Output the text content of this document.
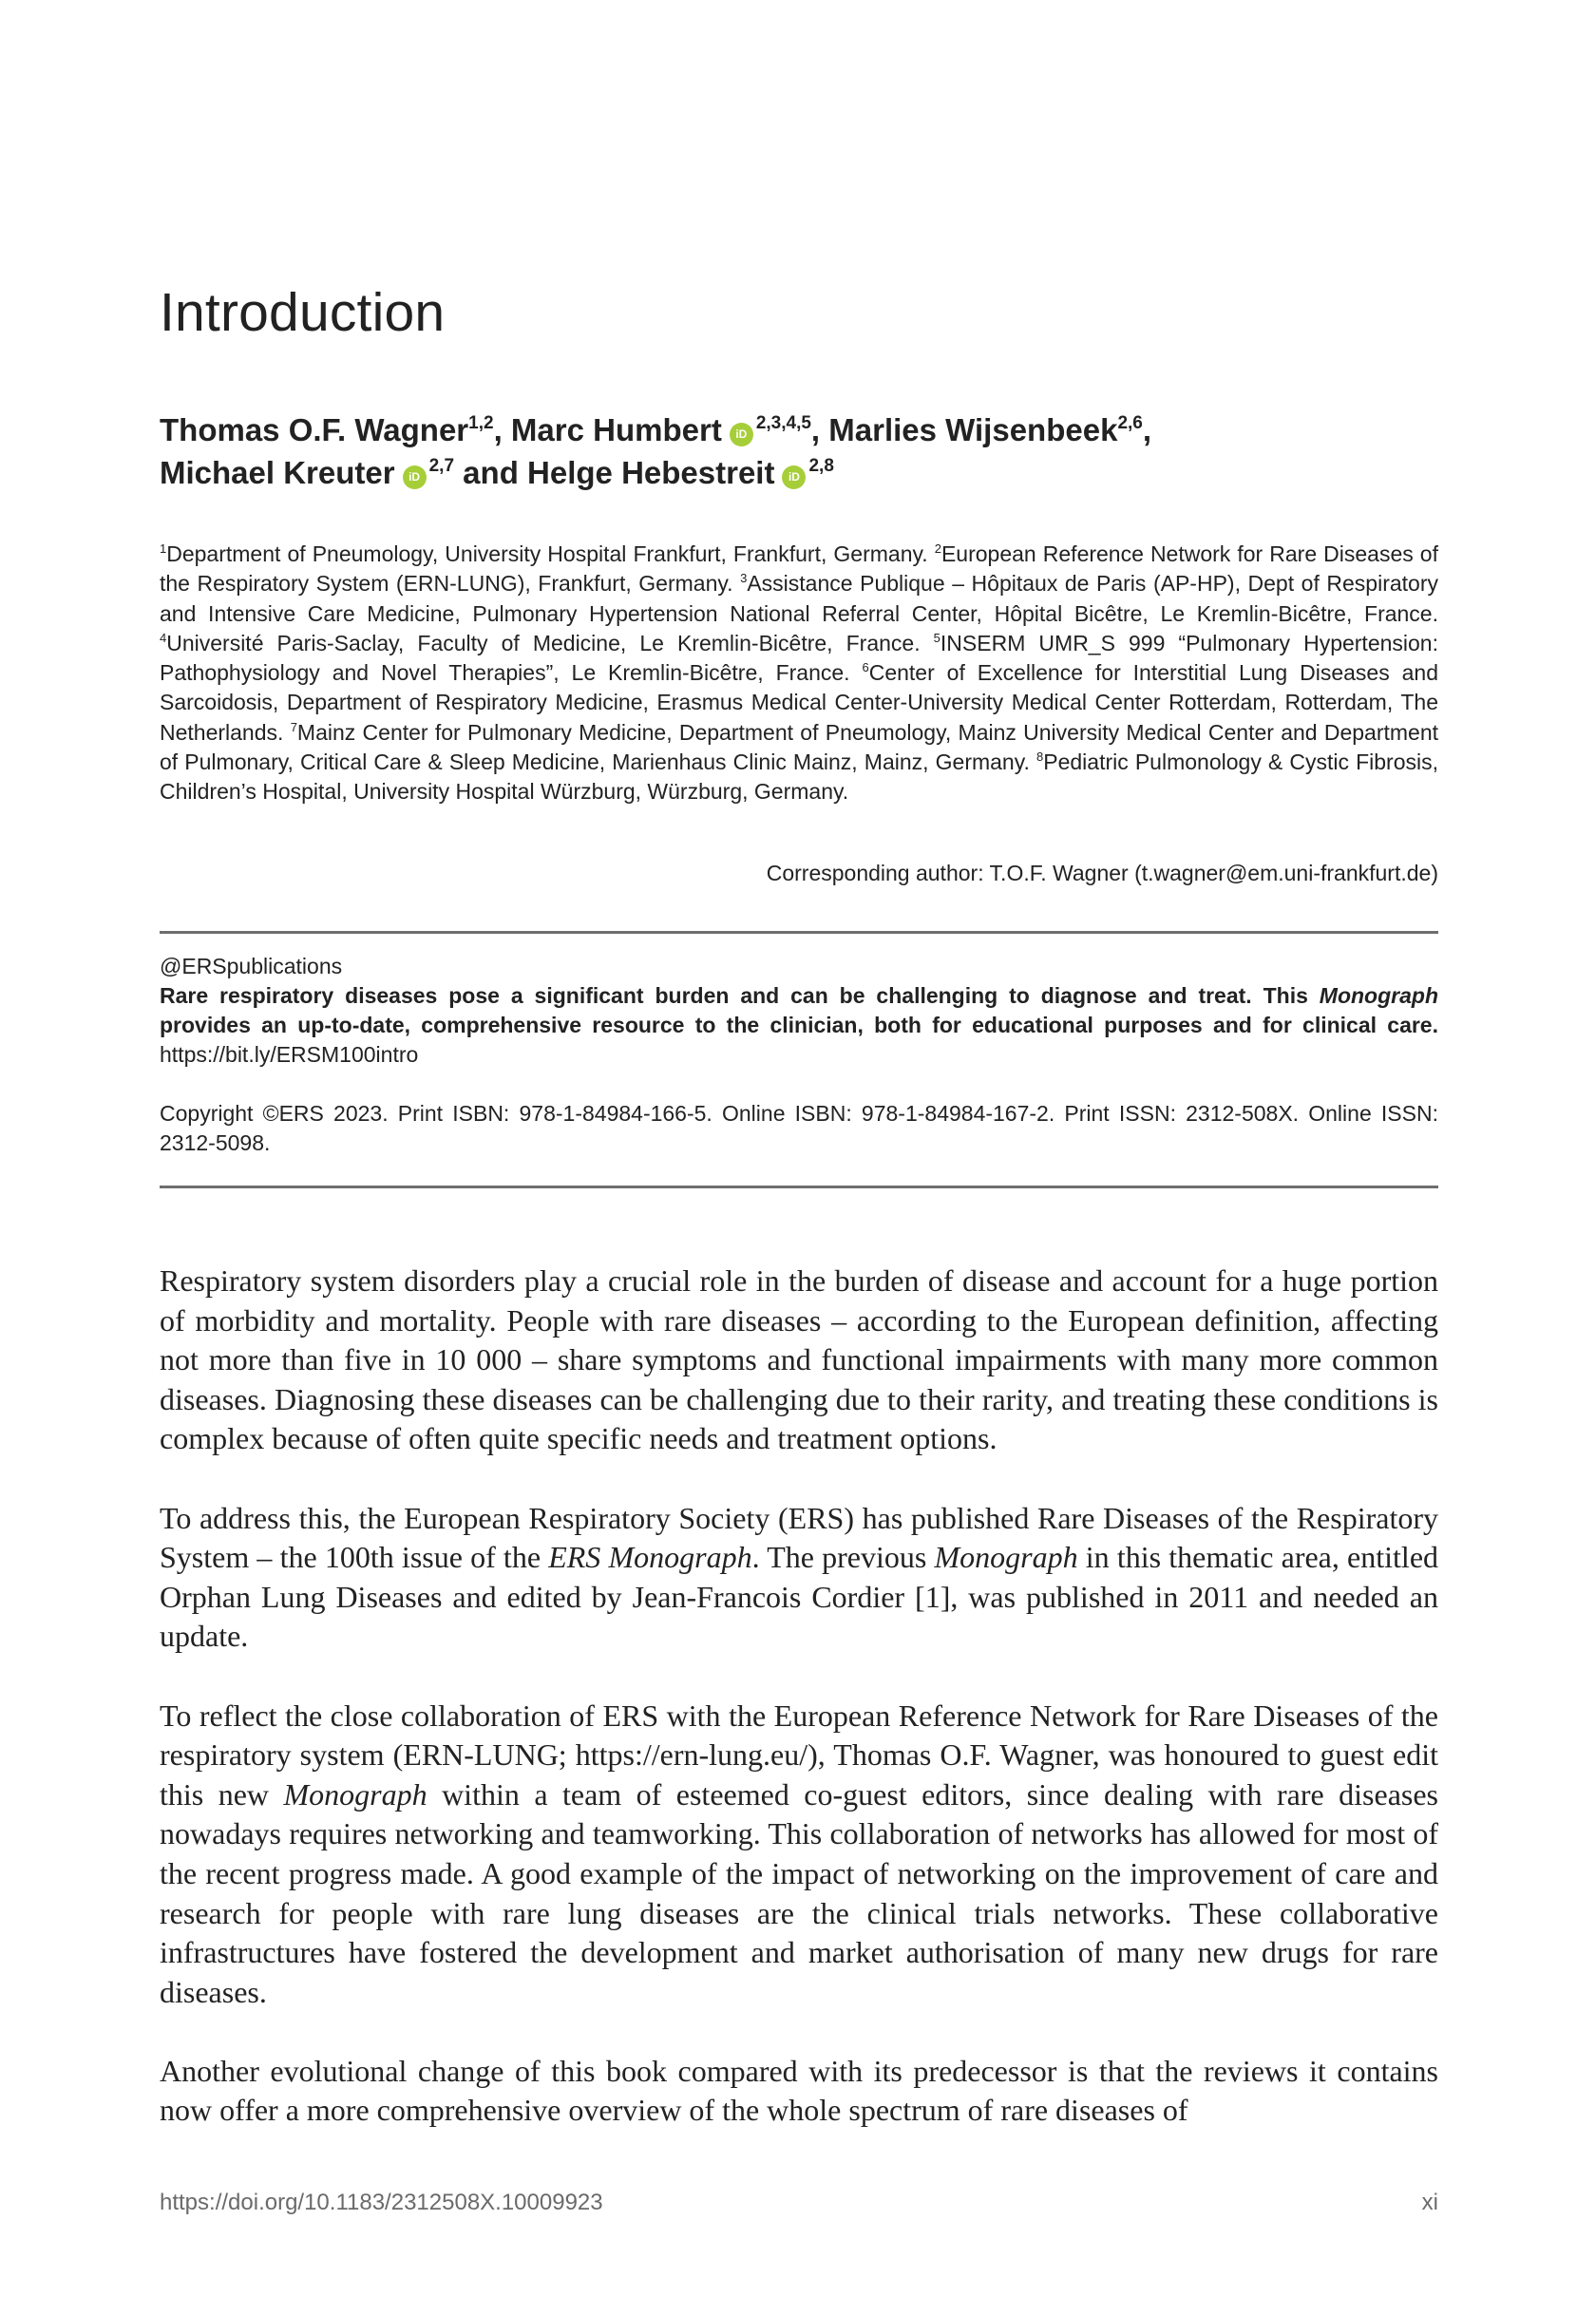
Introduction
Thomas O.F. Wagner$^{1,2}$, Marc Humbert iD$^{2,3,4,5}$, Marlies Wijsenbeek$^{2,6}$,
Michael Kreuter iD$^{2,7}$ and Helge Hebestreit iD$^{2,8}$
$^1$Department of Pneumology, University Hospital Frankfurt, Frankfurt, Germany. $^2$European Reference Network for Rare Diseases of the Respiratory System (ERN-LUNG), Frankfurt, Germany. $^3$Assistance Publique – Hôpitaux de Paris (AP-HP), Dept of Respiratory and Intensive Care Medicine, Pulmonary Hypertension National Referral Center, Hôpital Bicêtre, Le Kremlin-Bicêtre, France. $^4$Université Paris-Saclay, Faculty of Medicine, Le Kremlin-Bicêtre, France. $^5$INSERM UMR_S 999 “Pulmonary Hypertension: Pathophysiology and Novel Therapies”, Le Kremlin-Bicêtre, France. $^6$Center of Excellence for Interstitial Lung Diseases and Sarcoidosis, Department of Respiratory Medicine, Erasmus Medical Center-University Medical Center Rotterdam, Rotterdam, The Netherlands. $^7$Mainz Center for Pulmonary Medicine, Department of Pneumology, Mainz University Medical Center and Department of Pulmonary, Critical Care & Sleep Medicine, Marienhaus Clinic Mainz, Mainz, Germany. $^8$Pediatric Pulmonology & Cystic Fibrosis, Children’s Hospital, University Hospital Würzburg, Würzburg, Germany.
Corresponding author: T.O.F. Wagner (t.wagner@em.uni-frankfurt.de)
@ERSpublications
Rare respiratory diseases pose a significant burden and can be challenging to diagnose and treat. This Monograph provides an up-to-date, comprehensive resource to the clinician, both for educational purposes and for clinical care. https://bit.ly/ERSM100intro
Copyright ©ERS 2023. Print ISBN: 978-1-84984-166-5. Online ISBN: 978-1-84984-167-2. Print ISSN: 2312-508X. Online ISSN: 2312-5098.

Respiratory system disorders play a crucial role in the burden of disease and account for a huge portion of morbidity and mortality. People with rare diseases – according to the European definition, affecting not more than five in 10 000 – share symptoms and functional impairments with many more common diseases. Diagnosing these diseases can be challenging due to their rarity, and treating these conditions is complex because of often quite specific needs and treatment options.

To address this, the European Respiratory Society (ERS) has published Rare Diseases of the Respiratory System – the 100th issue of the ERS Monograph. The previous Monograph in this thematic area, entitled Orphan Lung Diseases and edited by Jean-Francois Cordier [1], was published in 2011 and needed an update.

To reflect the close collaboration of ERS with the European Reference Network for Rare Diseases of the respiratory system (ERN-LUNG; https://ern-lung.eu/), Thomas O.F. Wagner, was honoured to guest edit this new Monograph within a team of esteemed co-guest editors, since dealing with rare diseases nowadays requires networking and teamworking. This collaboration of networks has allowed for most of the recent progress made. A good example of the impact of networking on the improvement of care and research for people with rare lung diseases are the clinical trials networks. These collaborative infrastructures have fostered the development and market authorisation of many new drugs for rare diseases.

Another evolutional change of this book compared with its predecessor is that the reviews it contains now offer a more comprehensive overview of the whole spectrum of rare diseases of

https://doi.org/10.1183/2312508X.10009923	xi
